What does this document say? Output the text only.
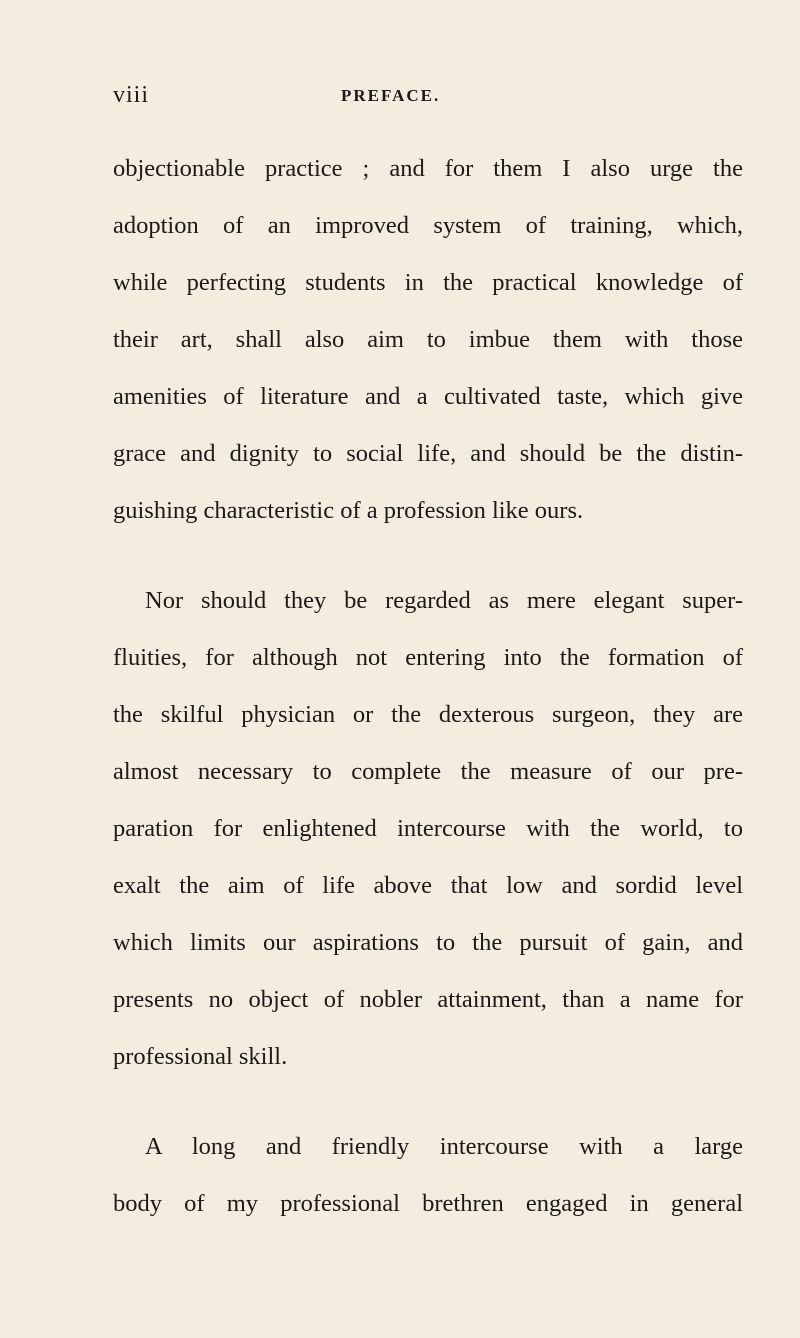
viii	PREFACE.
objectionable practice ; and for them I also urge the
adoption of an improved system of training, which,
while perfecting students in the practical knowledge of
their art, shall also aim to imbue them with those
amenities of literature and a cultivated taste, which give
grace and dignity to social life, and should be the distin-
guishing characteristic of a profession like ours.
Nor should they be regarded as mere elegant super-
fluities, for although not entering into the formation of
the skilful physician or the dexterous surgeon, they are
almost necessary to complete the measure of our pre-
paration for enlightened intercourse with the world, to
exalt the aim of life above that low and sordid level
which limits our aspirations to the pursuit of gain, and
presents no object of nobler attainment, than a name for
professional skill.
A long and friendly intercourse with a large
body of my professional brethren engaged in general
